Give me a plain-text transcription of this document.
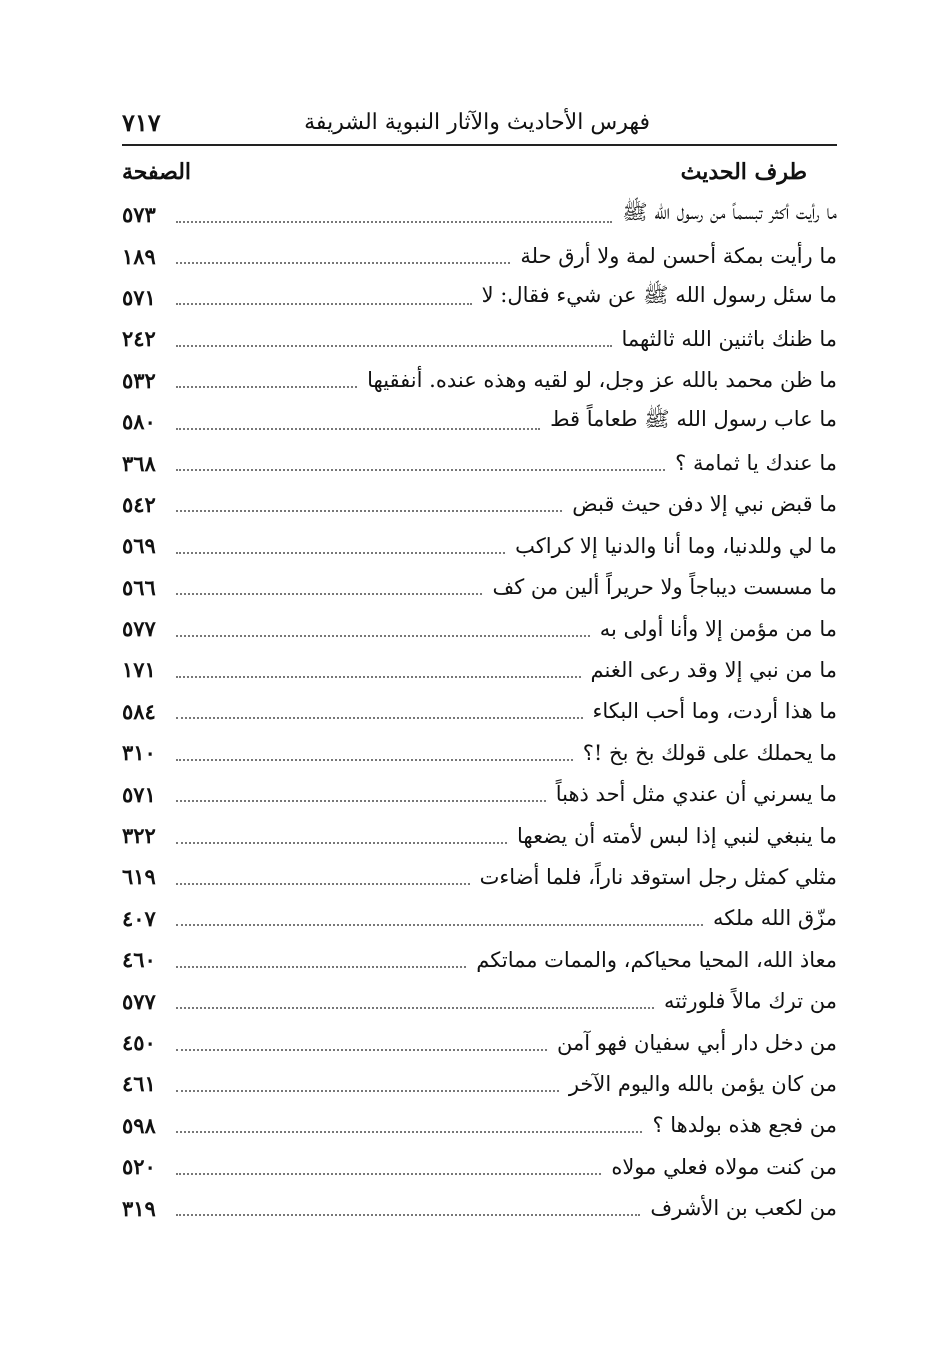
فهرس الأحاديث والآثار النبوية الشريفة
٧١٧
طرف الحديث
الصفحة
ما رأيت أكثر تبسماً من رسول الله ﷺ
٥٧٣
ما رأيت بمكة أحسن لمة ولا أرق حلة
١٨٩
ما سئل رسول الله ﷺ عن شيء فقال: لا
٥٧١
ما ظنك باثنين الله ثالثهما
٢٤٢
ما ظن محمد بالله عز وجل، لو لقيه وهذه عنده. أنفقيها
٥٣٢
ما عاب رسول الله ﷺ طعاماً قط
٥٨٠
ما عندك يا ثمامة ؟
٣٦٨
ما قبض نبي إلا دفن حيث قبض
٥٤٢
ما لي وللدنيا، وما أنا والدنيا إلا كراكب
٥٦٩
ما مسست ديباجاً ولا حريراً ألين من كف
٥٦٦
ما من مؤمن إلا وأنا أولى به
٥٧٧
ما من نبي إلا وقد رعى الغنم
١٧١
ما هذا أردت، وما أحب البكاء
٥٨٤
ما يحملك على قولك بخ بخ !؟
٣١٠
ما يسرني أن عندي مثل أحد ذهباً
٥٧١
ما ينبغي لنبي إذا لبس لأمته أن يضعها
٣٢٢
مثلي كمثل رجل استوقد ناراً، فلما أضاءت
٦١٩
مزّق الله ملكه
٤٠٧
معاذ الله، المحيا محياكم، والممات مماتكم
٤٦٠
من ترك مالاً فلورثته
٥٧٧
من دخل دار أبي سفيان فهو آمن
٤٥٠
من كان يؤمن بالله واليوم الآخر
٤٦١
من فجع هذه بولدها ؟
٥٩٨
من كنت مولاه فعلي مولاه
٥٢٠
من لكعب بن الأشرف
٣١٩
